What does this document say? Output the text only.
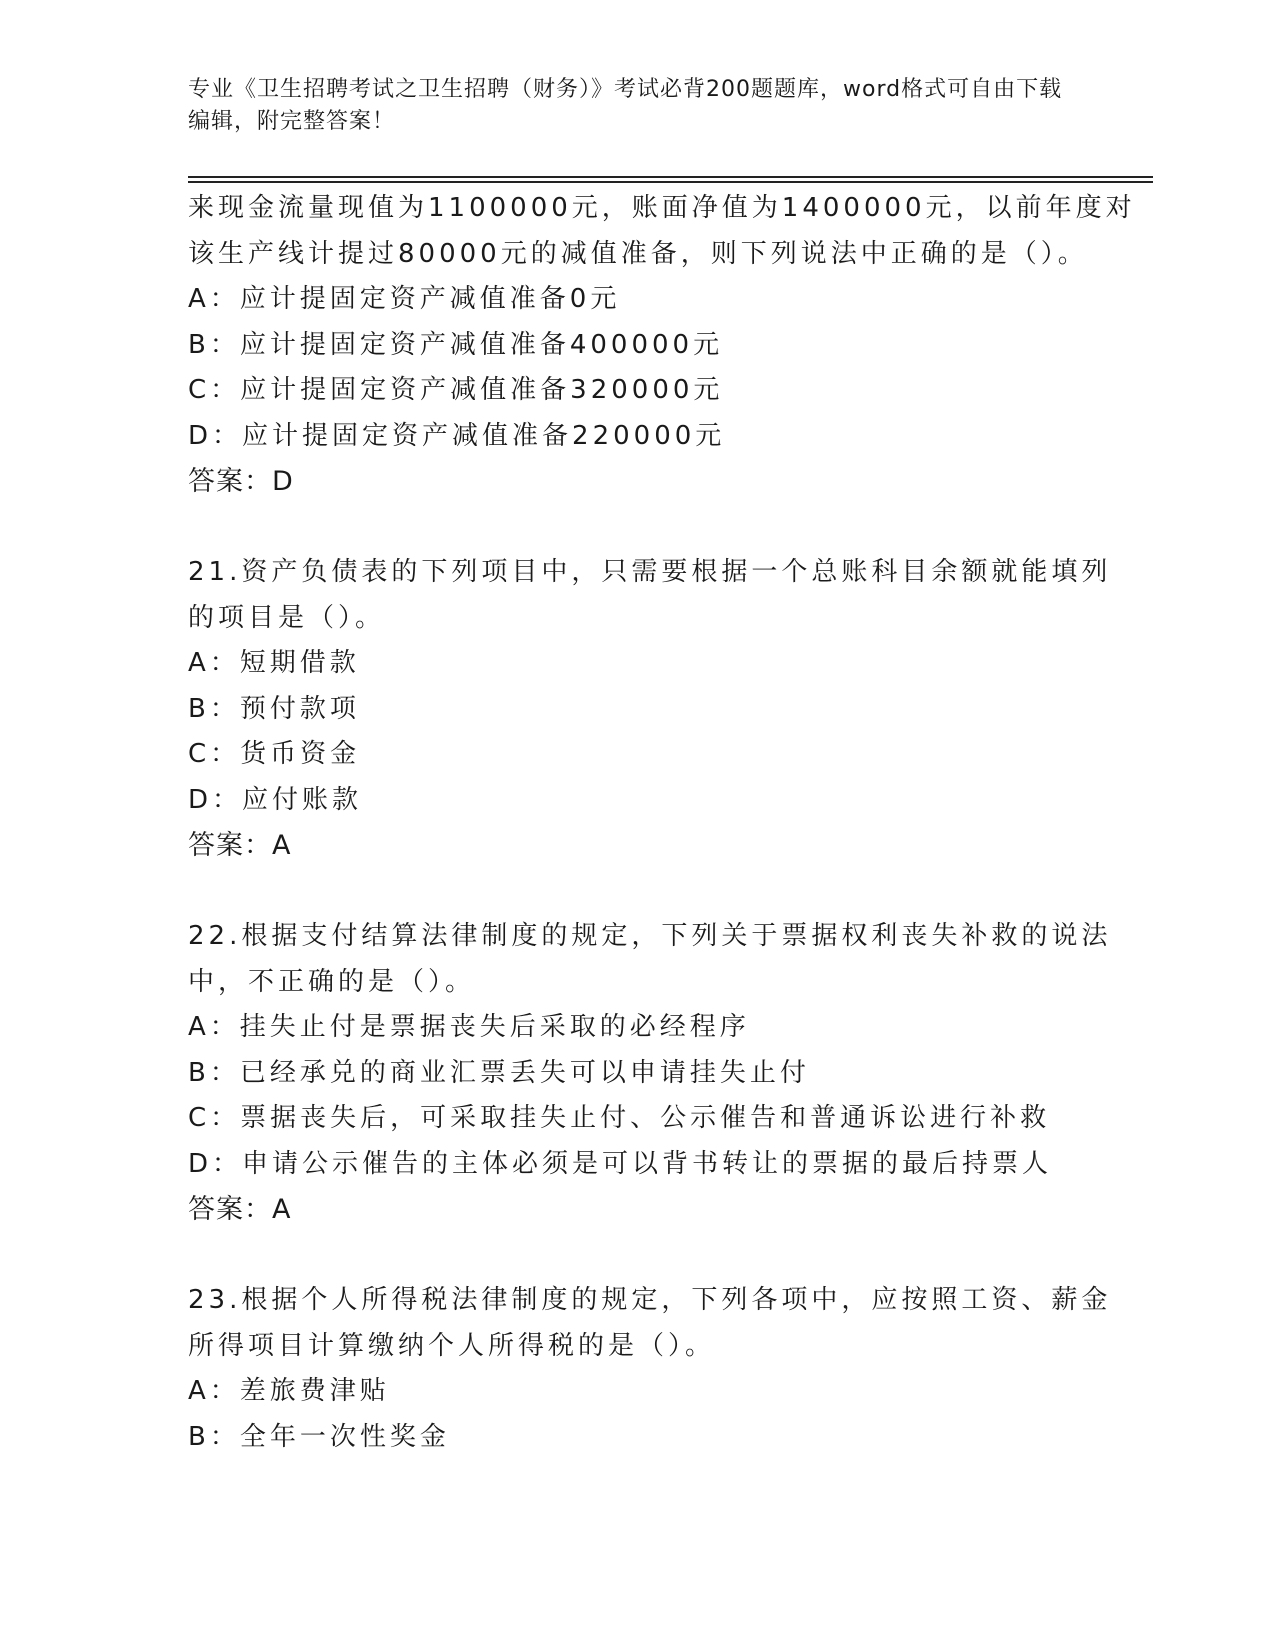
专业《卫生招聘考试之卫生招聘（财务）》考试必背200题题库，word格式可自由下载编辑，附完整答案！
来现金流量现值为1100000元，账面净值为1400000元，以前年度对
该生产线计提过80000元的减值准备，则下列说法中正确的是（）。
A：应计提固定资产减值准备0元
B：应计提固定资产减值准备400000元
C：应计提固定资产减值准备320000元
D：应计提固定资产减值准备220000元
答案：D
21.资产负债表的下列项目中，只需要根据一个总账科目余额就能填列
的项目是（）。
A：短期借款
B：预付款项
C：货币资金
D：应付账款
答案：A
22.根据支付结算法律制度的规定，下列关于票据权利丧失补救的说法
中，不正确的是（）。
A：挂失止付是票据丧失后采取的必经程序
B：已经承兑的商业汇票丢失可以申请挂失止付
C：票据丧失后，可采取挂失止付、公示催告和普通诉讼进行补救
D：申请公示催告的主体必须是可以背书转让的票据的最后持票人
答案：A
23.根据个人所得税法律制度的规定，下列各项中，应按照工资、薪金
所得项目计算缴纳个人所得税的是（）。
A：差旅费津贴
B：全年一次性奖金
